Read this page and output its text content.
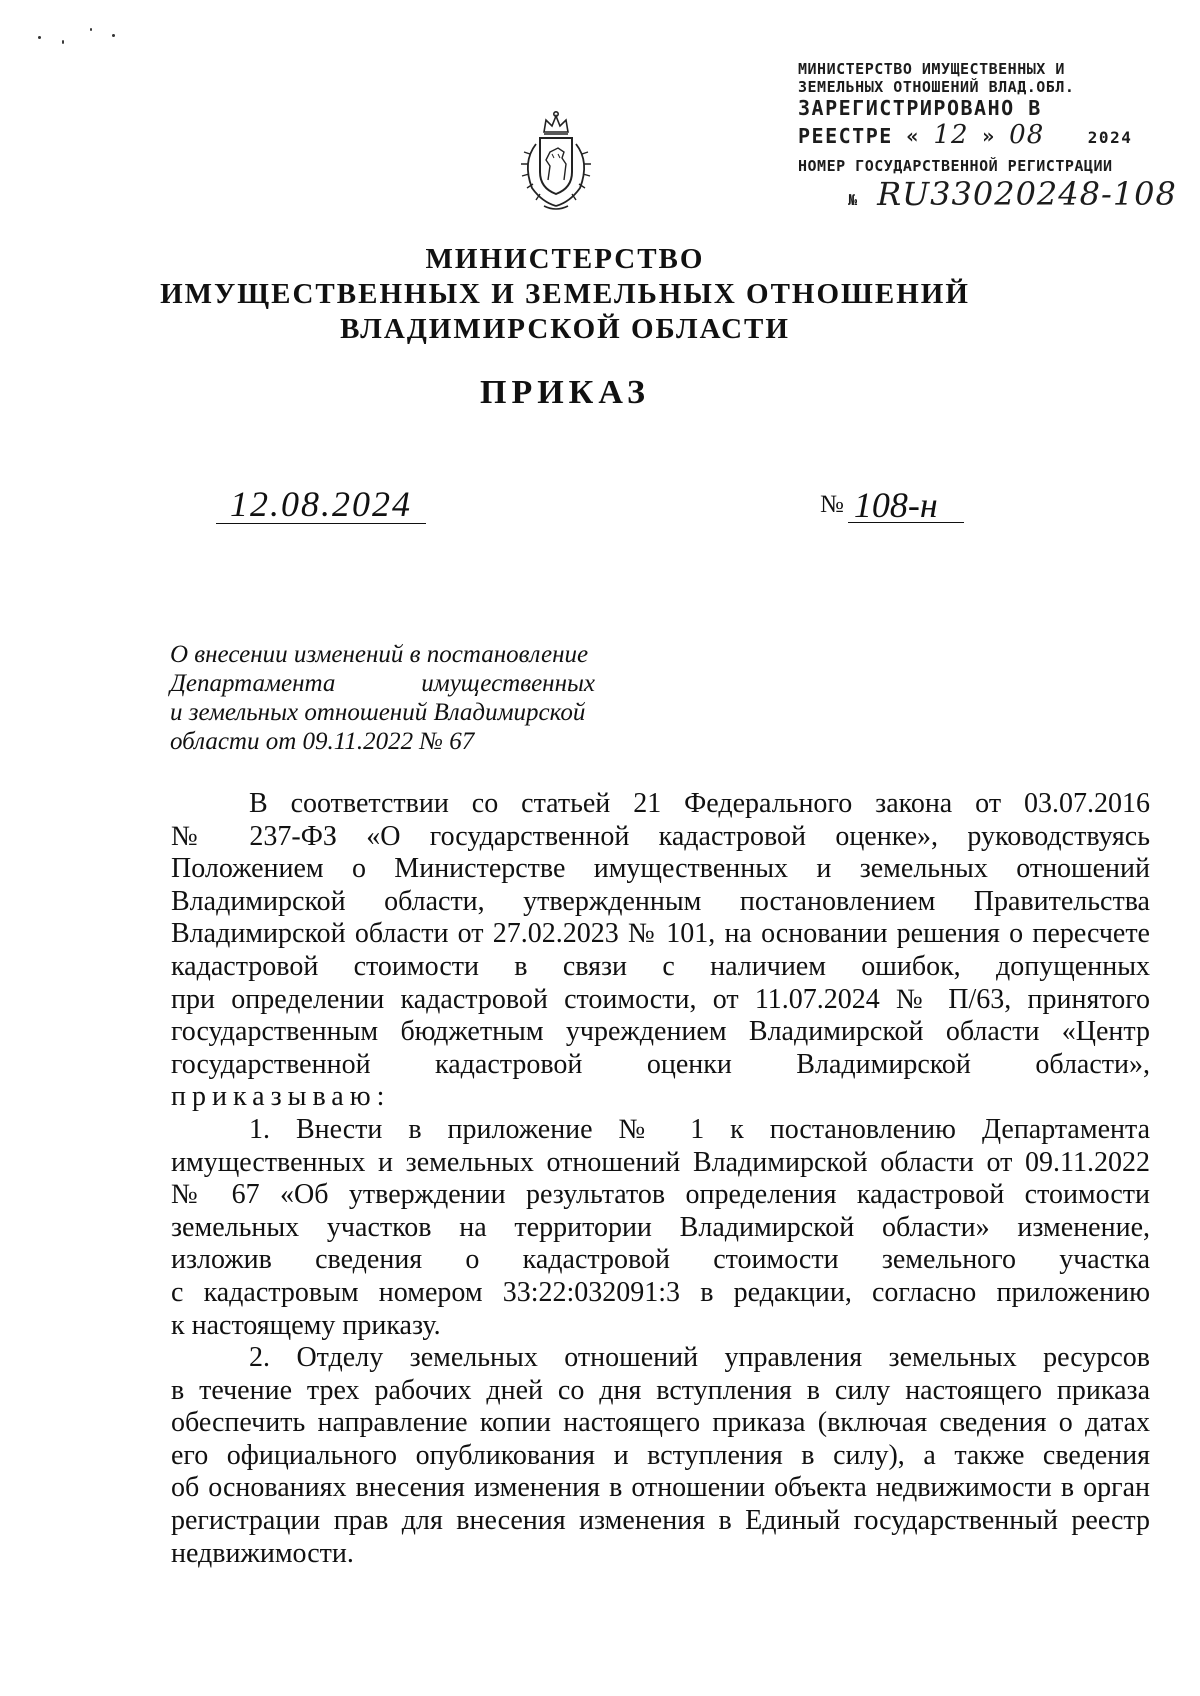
МИНИСТЕРСТВО ИМУЩЕСТВЕННЫХ И
ЗЕМЕЛЬНЫХ ОТНОШЕНИЙ ВЛАД.ОБЛ.
ЗАРЕГИСТРИРОВАНО В
РЕЕСТРЕ « 12 » 08	2024
НОМЕР ГОСУДАРСТВЕННОЙ РЕГИСТРАЦИИ
№ RU33020248-108
МИНИСТЕРСТВО
ИМУЩЕСТВЕННЫХ И ЗЕМЕЛЬНЫХ ОТНОШЕНИЙ
ВЛАДИМИРСКОЙ ОБЛАСТИ
ПРИКАЗ
12.08.2024	№ 108-н
О внесении изменений в постановление
Департамента имущественных
и земельных отношений Владимирской
области от 09.11.2022 № 67
В соответствии со статьей 21 Федерального закона от 03.07.2016
№ 237-ФЗ «О государственной кадастровой оценке», руководствуясь
Положением о Министерстве имущественных и земельных отношений
Владимирской области, утвержденным постановлением Правительства
Владимирской области от 27.02.2023 № 101, на основании решения о пересчете
кадастровой стоимости в связи с наличием ошибок, допущенных
при определении кадастровой стоимости, от 11.07.2024 № П/63, принятого
государственным бюджетным учреждением Владимирской области «Центр
государственной кадастровой оценки Владимирской области»,
приказываю:
1. Внести в приложение № 1 к постановлению Департамента
имущественных и земельных отношений Владимирской области от 09.11.2022
№ 67 «Об утверждении результатов определения кадастровой стоимости
земельных участков на территории Владимирской области» изменение,
изложив сведения о кадастровой стоимости земельного участка
с кадастровым номером 33:22:032091:3 в редакции, согласно приложению
к настоящему приказу.
2. Отделу земельных отношений управления земельных ресурсов
в течение трех рабочих дней со дня вступления в силу настоящего приказа
обеспечить направление копии настоящего приказа (включая сведения о датах
его официального опубликования и вступления в силу), а также сведения
об основаниях внесения изменения в отношении объекта недвижимости в орган
регистрации прав для внесения изменения в Единый государственный реестр
недвижимости.
